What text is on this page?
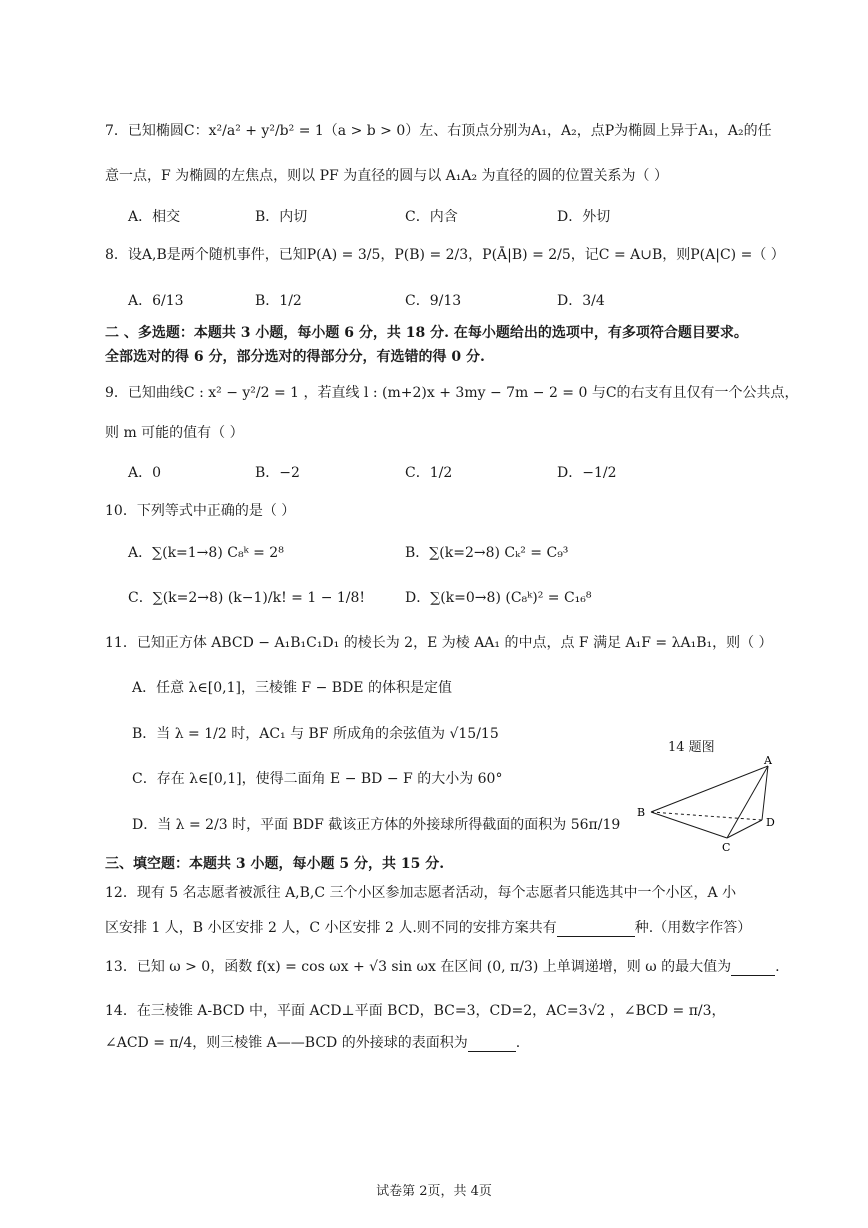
7．已知椭圆C：x²/a² + y²/b² = 1（a > b > 0）左、右顶点分别为A₁，A₂，点P为椭圆上异于A₁，A₂的任
意一点，F 为椭圆的左焦点，则以 PF 为直径的圆与以 A₁A₂ 为直径的圆的位置关系为（ ）
A．相交	B．内切	C．内含	D．外切
8．设A,B是两个随机事件，已知P(A) = 3/5，P(B) = 2/3，P(Ā|B) = 2/5，记C = A∪B，则P(A|C) =（ ）
A．6/13	B．1/2	C．9/13	D．3/4
二 、多选题：本题共 3 小题，每小题 6 分，共 18 分. 在每小题给出的选项中，有多项符合题目要求。
全部选对的得 6 分，部分选对的得部分分，有选错的得 0 分.
9．已知曲线C : x² − y²/2 = 1 ，若直线 l : (m+2)x + 3my − 7m − 2 = 0 与C的右支有且仅有一个公共点，
则 m 可能的值有（ ）
A．0	B．−2	C．1/2	D．−1/2
10．下列等式中正确的是（ ）
A．∑(k=1→8) C₈ᵏ = 2⁸	B．∑(k=2→8) Cₖ² = C₉³
C．∑(k=2→8) (k−1)/k! = 1 − 1/8!	D．∑(k=0→8) (C₈ᵏ)² = C₁₆⁸
11．已知正方体 ABCD − A₁B₁C₁D₁ 的棱长为 2，E 为棱 AA₁ 的中点，点 F 满足 A₁F = λA₁B₁，则（ ）
A．任意 λ∈[0,1]，三棱锥 F − BDE 的体积是定值
B．当 λ = 1/2 时，AC₁ 与 BF 所成角的余弦值为 √15/15
C．存在 λ∈[0,1]，使得二面角 E − BD − F 的大小为 60°
D．当 λ = 2/3 时，平面 BDF 截该正方体的外接球所得截面的面积为 56π/19
14 题图
A
B
C
D
三、填空题：本题共 3 小题，每小题 5 分，共 15 分.
12．现有 5 名志愿者被派往 A,B,C 三个小区参加志愿者活动，每个志愿者只能选其中一个小区，A 小
区安排 1 人，B 小区安排 2 人，C 小区安排 2 人.则不同的安排方案共有	种.（用数字作答）
13．已知 ω > 0，函数 f(x) = cos ωx + √3 sin ωx 在区间 (0, π/3) 上单调递增，则 ω 的最大值为	.
14．在三棱锥 A-BCD 中，平面 ACD⊥平面 BCD，BC=3，CD=2，AC=3√2 ，∠BCD = π/3，
∠ACD = π/4，则三棱锥 A——BCD 的外接球的表面积为	.
试卷第 2页，共 4页
